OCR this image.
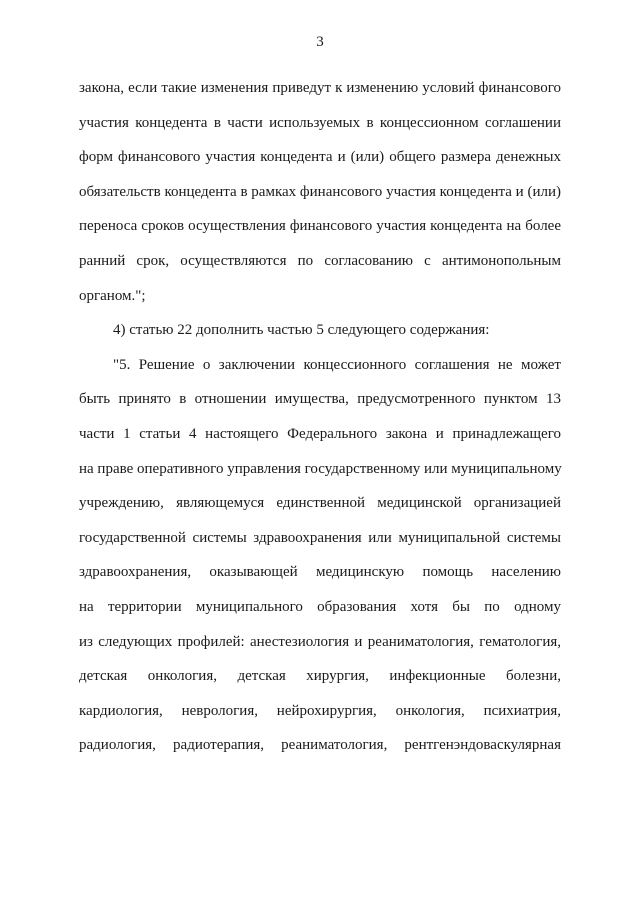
3
закона, если такие изменения приведут к изменению условий финансового
участия концедента в части используемых в концессионном соглашении
форм финансового участия концедента и (или) общего размера денежных
обязательств концедента в рамках финансового участия концедента и (или)
переноса сроков осуществления финансового участия концедента на более
ранний срок, осуществляются по согласованию с антимонопольным
органом.";
4) статью 22 дополнить частью 5 следующего содержания:
"5. Решение о заключении концессионного соглашения не может
быть принято в отношении имущества, предусмотренного пунктом 13
части 1 статьи 4 настоящего Федерального закона и принадлежащего
на праве оперативного управления государственному или муниципальному
учреждению, являющемуся единственной медицинской организацией
государственной системы здравоохранения или муниципальной системы
здравоохранения, оказывающей медицинскую помощь населению
на территории муниципального образования хотя бы по одному
из следующих профилей: анестезиология и реаниматология, гематология,
детская онкология, детская хирургия, инфекционные болезни,
кардиология, неврология, нейрохирургия, онкология, психиатрия,
радиология, радиотерапия, реаниматология, рентгенэндоваскулярная
